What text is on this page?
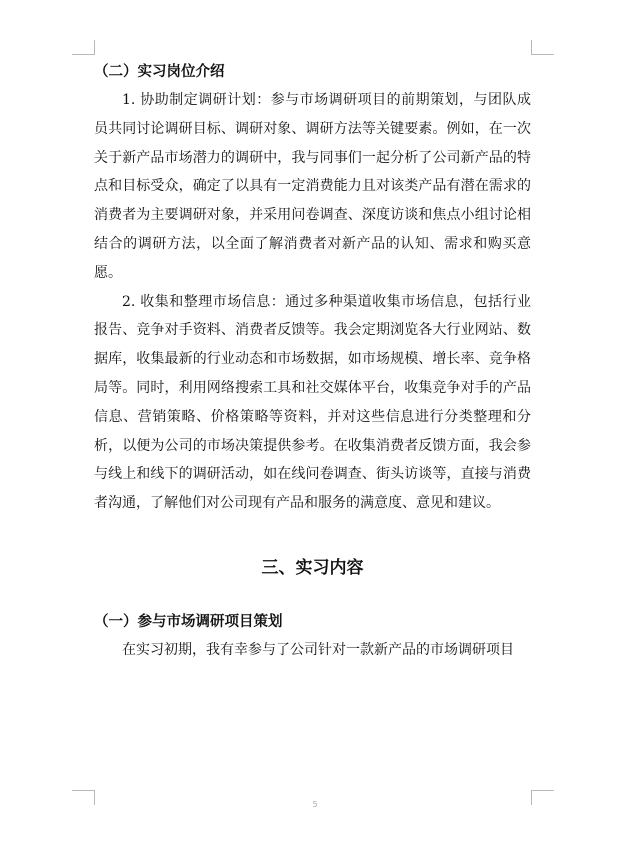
（二）实习岗位介绍

1. 协助制定调研计划：参与市场调研项目的前期策划，与团队成员共同讨论调研目标、调研对象、调研方法等关键要素。例如，在一次关于新产品市场潜力的调研中，我与同事们一起分析了公司新产品的特点和目标受众，确定了以具有一定消费能力且对该类产品有潜在需求的消费者为主要调研对象，并采用问卷调查、深度访谈和焦点小组讨论相结合的调研方法，以全面了解消费者对新产品的认知、需求和购买意愿。

2. 收集和整理市场信息：通过多种渠道收集市场信息，包括行业报告、竞争对手资料、消费者反馈等。我会定期浏览各大行业网站、数据库，收集最新的行业动态和市场数据，如市场规模、增长率、竞争格局等。同时，利用网络搜索工具和社交媒体平台，收集竞争对手的产品信息、营销策略、价格策略等资料，并对这些信息进行分类整理和分析，以便为公司的市场决策提供参考。在收集消费者反馈方面，我会参与线上和线下的调研活动，如在线问卷调查、街头访谈等，直接与消费者沟通，了解他们对公司现有产品和服务的满意度、意见和建议。

三、实习内容
（一）参与市场调研项目策划

在实习初期，我有幸参与了公司针对一款新产品的市场调研项目

5
